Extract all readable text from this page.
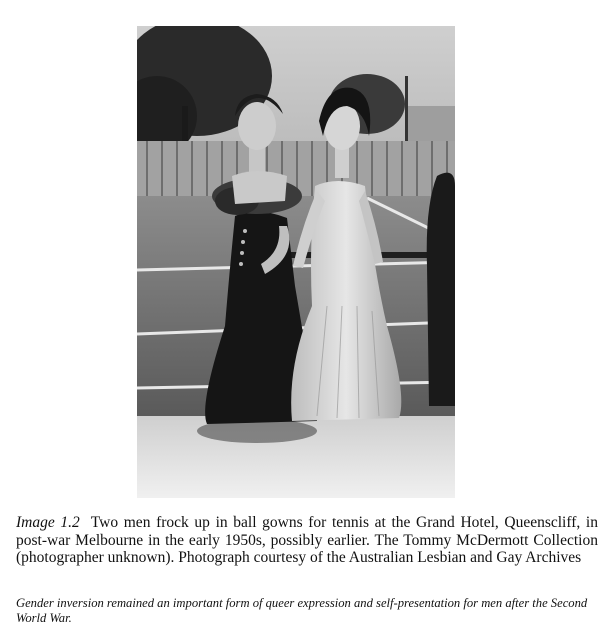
Image 1.2 Two men frock up in ball gowns for tennis at the Grand Hotel, Queenscliff, in post-war Melbourne in the early 1950s, possibly earlier. The Tommy McDermott Collection (photographer unknown). Photograph courtesy of the Australian Lesbian and Gay Archives
Gender inversion remained an important form of queer expression and self-presentation for men after the Second World War.
